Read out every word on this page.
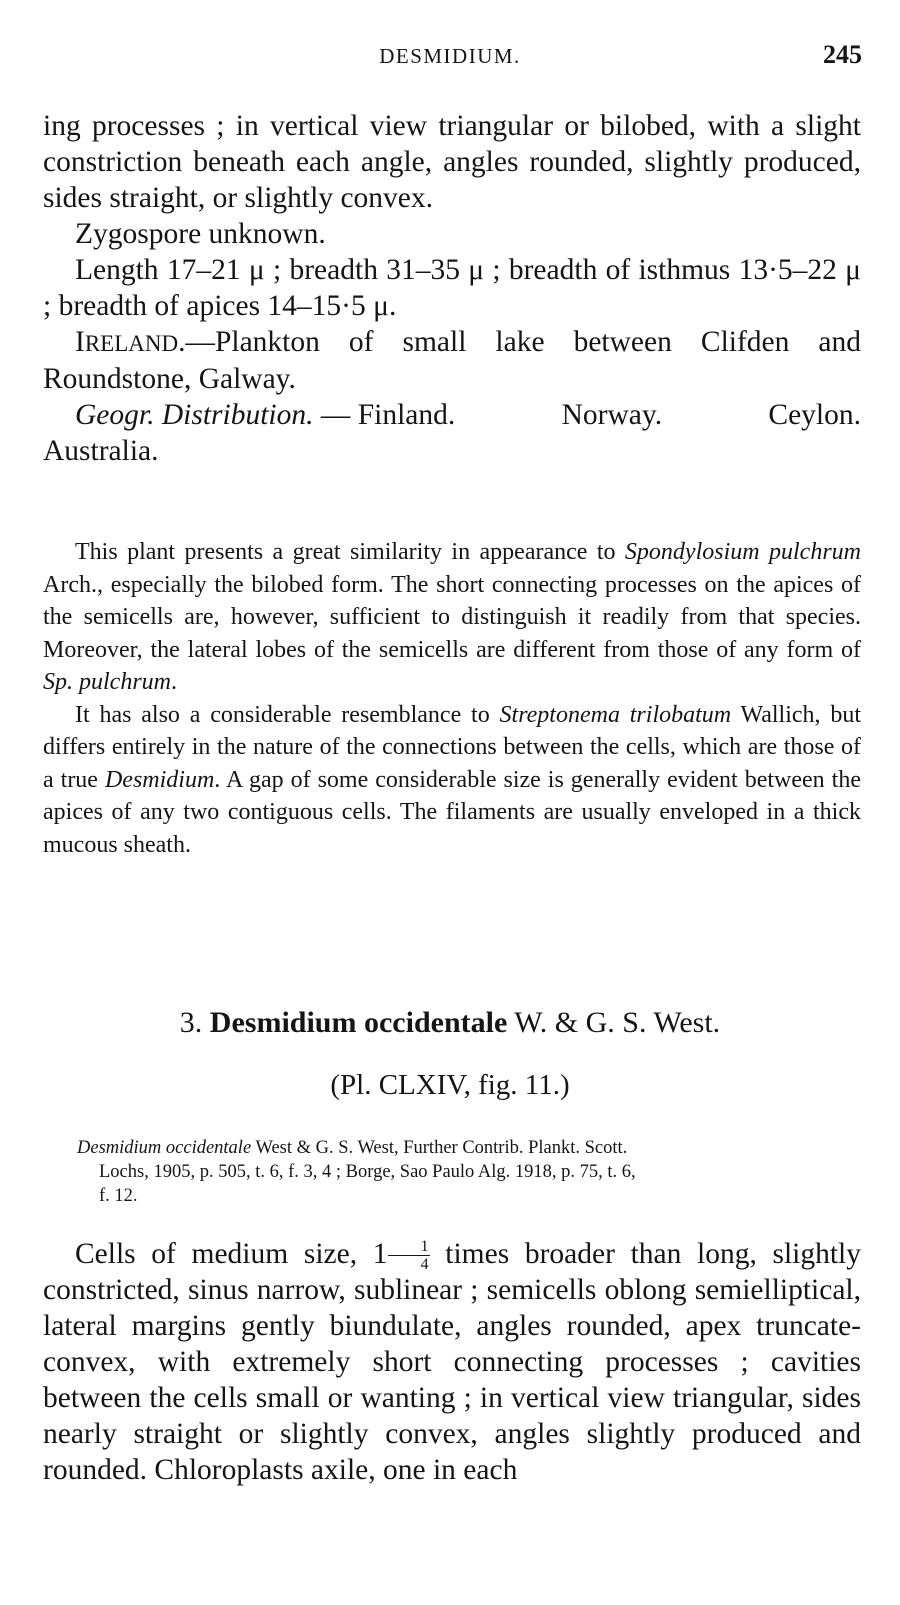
DESMIDIUM.	245

ing processes ; in vertical view triangular or bilobed, with a slight constriction beneath each angle, angles rounded, slightly produced, sides straight, or slightly convex.

Zygospore unknown.

Length 17–21 μ ; breadth 31–35 μ ; breadth of isthmus 13·5–22 μ ; breadth of apices 14–15·5 μ.

IRELAND.—Plankton of small lake between Clifden and Roundstone, Galway.

Geogr. Distribution. — Finland.	Norway.	Ceylon.

Australia.

This plant presents a great similarity in appearance to Spondylosium pulchrum Arch., especially the bilobed form. The short connecting processes on the apices of the semicells are, however, sufficient to distinguish it readily from that species. Moreover, the lateral lobes of the semicells are different from those of any form of Sp. pulchrum.

It has also a considerable resemblance to Streptonema trilobatum Wallich, but differs entirely in the nature of the connections between the cells, which are those of a true Desmidium. A gap of some considerable size is generally evident between the apices of any two contiguous cells. The filaments are usually enveloped in a thick mucous sheath.

3. Desmidium occidentale W. & G. S. West.
(Pl. CLXIV, fig. 11.)
Desmidium occidentale West & G. S. West, Further Contrib. Plankt. Scott.
Lochs, 1905, p. 505, t. 6, f. 3, 4 ; Borge, Sao Paulo Alg. 1918, p. 75, t. 6,
f. 12.

Cells of medium size, $1 \frac{1}{4}$ times broader than long, slightly constricted, sinus narrow, sublinear ; semicells oblong semielliptical, lateral margins gently biundulate, angles rounded, apex truncate-convex, with extremely short connecting processes ; cavities between the cells small or wanting ; in vertical view triangular, sides nearly straight or slightly convex, angles slightly produced and rounded. Chloroplasts axile, one in each
